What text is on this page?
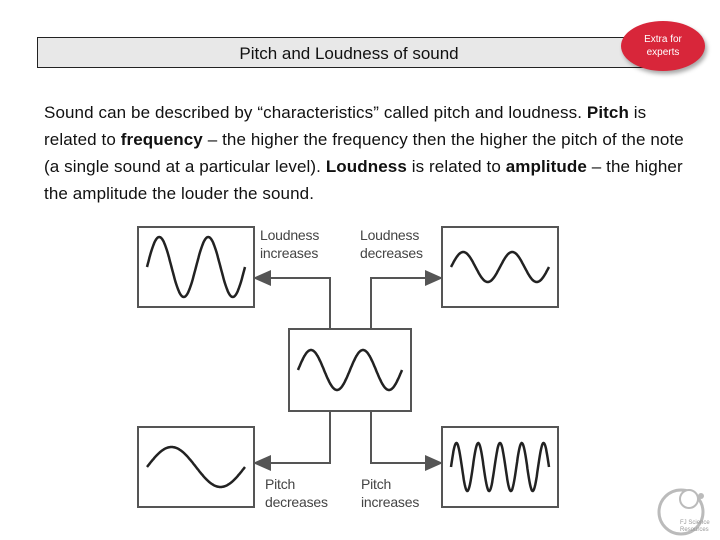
Pitch and Loudness of sound
Extra for
experts

Sound can be described by “characteristics” called pitch and loudness. Pitch is related to frequency – the higher the frequency then the higher the pitch of the note (a single sound at a particular level). Loudness is related to amplitude – the higher the amplitude the louder the sound.

Loudness
increases
Loudness
decreases
Pitch
decreases
Pitch
increases
FJ Science
Resources
